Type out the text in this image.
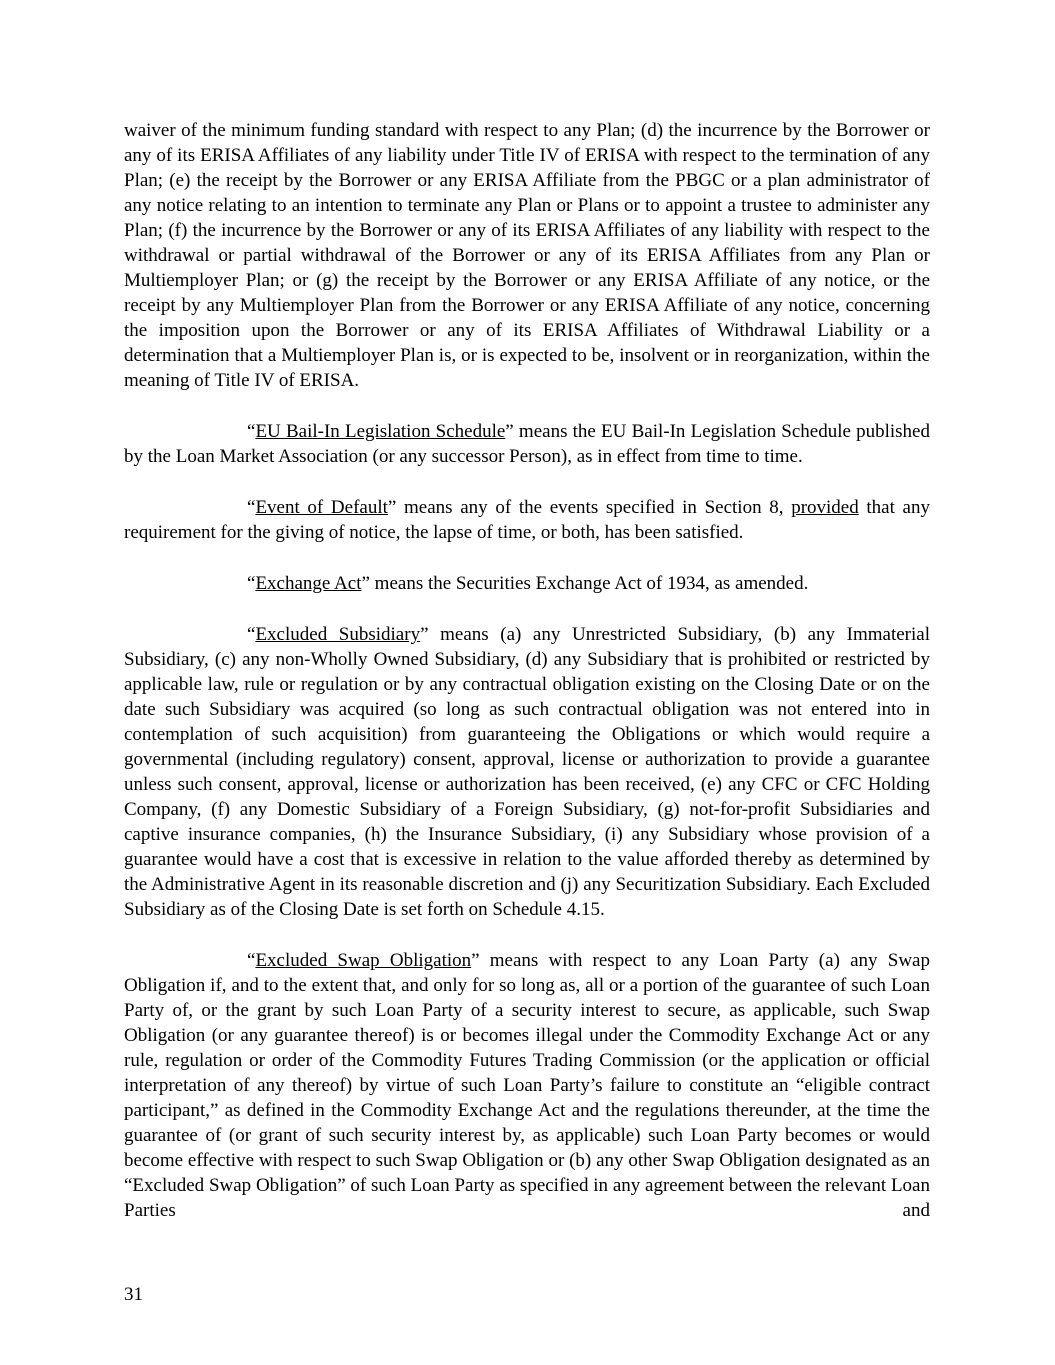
waiver of the minimum funding standard with respect to any Plan; (d) the incurrence by the Borrower or any of its ERISA Affiliates of any liability under Title IV of ERISA with respect to the termination of any Plan; (e) the receipt by the Borrower or any ERISA Affiliate from the PBGC or a plan administrator of any notice relating to an intention to terminate any Plan or Plans or to appoint a trustee to administer any Plan; (f) the incurrence by the Borrower or any of its ERISA Affiliates of any liability with respect to the withdrawal or partial withdrawal of the Borrower or any of its ERISA Affiliates from any Plan or Multiemployer Plan; or (g) the receipt by the Borrower or any ERISA Affiliate of any notice, or the receipt by any Multiemployer Plan from the Borrower or any ERISA Affiliate of any notice, concerning the imposition upon the Borrower or any of its ERISA Affiliates of Withdrawal Liability or a determination that a Multiemployer Plan is, or is expected to be, insolvent or in reorganization, within the meaning of Title IV of ERISA.

“EU Bail-In Legislation Schedule” means the EU Bail-In Legislation Schedule published by the Loan Market Association (or any successor Person), as in effect from time to time.

“Event of Default” means any of the events specified in Section 8, provided that any requirement for the giving of notice, the lapse of time, or both, has been satisfied.

“Exchange Act” means the Securities Exchange Act of 1934, as amended.

“Excluded Subsidiary” means (a) any Unrestricted Subsidiary, (b) any Immaterial Subsidiary, (c) any non-Wholly Owned Subsidiary, (d) any Subsidiary that is prohibited or restricted by applicable law, rule or regulation or by any contractual obligation existing on the Closing Date or on the date such Subsidiary was acquired (so long as such contractual obligation was not entered into in contemplation of such acquisition) from guaranteeing the Obligations or which would require a governmental (including regulatory) consent, approval, license or authorization to provide a guarantee unless such consent, approval, license or authorization has been received, (e) any CFC or CFC Holding Company, (f) any Domestic Subsidiary of a Foreign Subsidiary, (g) not-for-profit Subsidiaries and captive insurance companies, (h) the Insurance Subsidiary, (i) any Subsidiary whose provision of a guarantee would have a cost that is excessive in relation to the value afforded thereby as determined by the Administrative Agent in its reasonable discretion and (j) any Securitization Subsidiary. Each Excluded Subsidiary as of the Closing Date is set forth on Schedule 4.15.

“Excluded Swap Obligation” means with respect to any Loan Party (a) any Swap Obligation if, and to the extent that, and only for so long as, all or a portion of the guarantee of such Loan Party of, or the grant by such Loan Party of a security interest to secure, as applicable, such Swap Obligation (or any guarantee thereof) is or becomes illegal under the Commodity Exchange Act or any rule, regulation or order of the Commodity Futures Trading Commission (or the application or official interpretation of any thereof) by virtue of such Loan Party’s failure to constitute an “eligible contract participant,” as defined in the Commodity Exchange Act and the regulations thereunder, at the time the guarantee of (or grant of such security interest by, as applicable) such Loan Party becomes or would become effective with respect to such Swap Obligation or (b) any other Swap Obligation designated as an “Excluded Swap Obligation” of such Loan Party as specified in any agreement between the relevant Loan Parties and

31
